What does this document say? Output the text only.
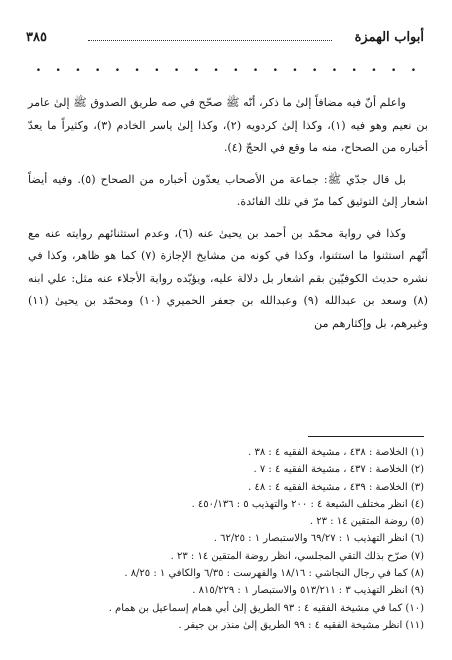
أبواب الهمزة
٣٨٥
. . . . . . . . . . . . . . . . . . . .

واعلم أنّ فيه مضافاً إلىٰ ما ذكر، أنّه ﷺ صحّح في صه طريق الصدوق ﷺ إلىٰ عامر بن نعيم وهو فيه (١)، وكذا إلىٰ كردويه (٢)، وكذا إلىٰ ياسر الخادم (٣)، وكثيراً ما يعدّ أخباره من الصحاح، منه ما وقع في الحجّ (٤).

بل قال جدّي ﷺ: جماعة من الأصحاب يعدّون أخباره من الصحاح (٥). وفيه أيضاً اشعار إلىٰ التوثيق كما مرّ في تلك الفائدة.

وكذا في رواية محمّد بن أحمد بن يحيىٰ عنه (٦)، وعدم استثنائهم روايته عنه مع أنّهم استثنوا ما استثنوا، وكذا في كونه من مشايخ الإجازة (٧) كما هو ظاهر، وكذا في نشره حديث الكوفيّين بقم اشعار بل دلالة عليه، ويؤيّده رواية الأجلاء عنه مثل: علي ابنه (٨) وسعد بن عبدالله (٩) وعبدالله بن جعفر الحميري (١٠) ومحمّد بن يحيىٰ (١١) وغيرهم، بل وإكثارهم من

(١) الخلاصة : ٤٣٨ ، مشيخة الفقيه ٤ : ٣٨ .
(٢) الخلاصة : ٤٣٧ ، مشيخة الفقيه ٤ : ٧ .
(٣) الخلاصة : ٤٣٩ ، مشيخة الفقيه ٤ : ٤٨ .
(٤) انظر مختلف الشيعة ٤ : ٢٠٠ والتهذيب ٥ : ٤٥٠/١٣٦ .
(٥) روضة المتقين ١٤ : ٢٣ .
(٦) انظر التهذيب ١ : ٦٩/٢٧ والاستبصار ١ : ٦٢/٢٥ .
(٧) صرّح بذلك التقي المجلسي، انظر روضة المتقين ١٤ : ٢٣ .
(٨) كما في رجال النجاشي : ١٨/١٦ والفهرست : ٦/٣٥ والكافي ١ : ٨/٢٥ .
(٩) انظر التهذيب ٣ : ٥١٣/٢١١ والاستبصار ١ : ٨١٥/٢٢٩ .
(١٠) كما في مشيخة الفقيه ٤ : ٩٣ الطريق إلىٰ أبي همام إسماعيل بن همام .
(١١) انظر مشيخة الفقيه ٤ : ٩٩ الطريق إلىٰ منذر بن جيفر .
